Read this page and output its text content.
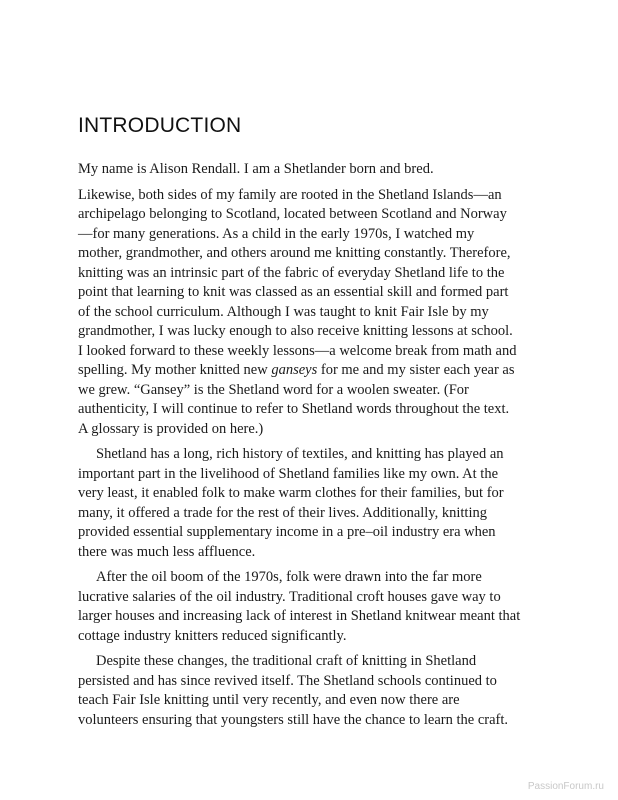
INTRODUCTION
My name is Alison Rendall. I am a Shetlander born and bred.
Likewise, both sides of my family are rooted in the Shetland Islands—an
archipelago belonging to Scotland, located between Scotland and Norway
—for many generations. As a child in the early 1970s, I watched my
mother, grandmother, and others around me knitting constantly. Therefore,
knitting was an intrinsic part of the fabric of everyday Shetland life to the
point that learning to knit was classed as an essential skill and formed part
of the school curriculum. Although I was taught to knit Fair Isle by my
grandmother, I was lucky enough to also receive knitting lessons at school.
I looked forward to these weekly lessons—a welcome break from math and
spelling. My mother knitted new ganseys for me and my sister each year as
we grew. “Gansey” is the Shetland word for a woolen sweater. (For
authenticity, I will continue to refer to Shetland words throughout the text.
A glossary is provided on here.)
Shetland has a long, rich history of textiles, and knitting has played an
important part in the livelihood of Shetland families like my own. At the
very least, it enabled folk to make warm clothes for their families, but for
many, it offered a trade for the rest of their lives. Additionally, knitting
provided essential supplementary income in a pre–oil industry era when
there was much less affluence.
After the oil boom of the 1970s, folk were drawn into the far more
lucrative salaries of the oil industry. Traditional croft houses gave way to
larger houses and increasing lack of interest in Shetland knitwear meant that
cottage industry knitters reduced significantly.
Despite these changes, the traditional craft of knitting in Shetland
persisted and has since revived itself. The Shetland schools continued to
teach Fair Isle knitting until very recently, and even now there are
volunteers ensuring that youngsters still have the chance to learn the craft.
PassionForum.ru
